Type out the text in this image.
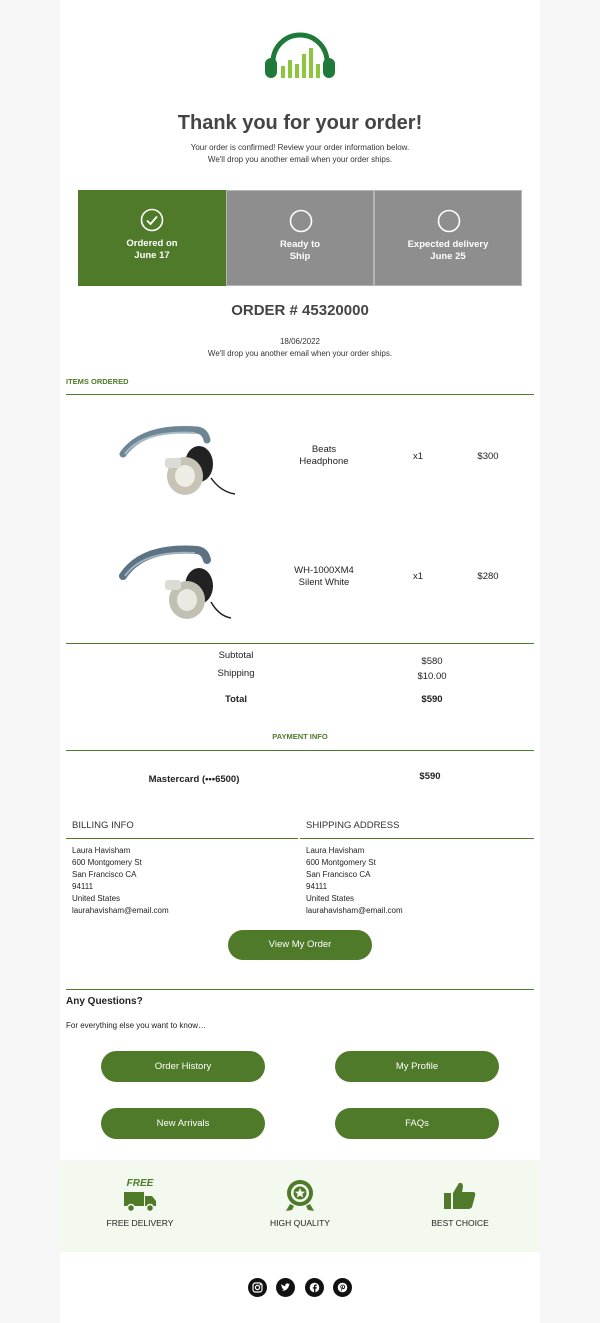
Thank you for your order!
Your order is confirmed! Review your order information below.
We'll drop you another email when your order ships.
Ordered on
June 17
Ready to
Ship
Expected delivery
June 25
ORDER # 45320000
18/06/2022
We'll drop you another email when your order ships.
ITEMS ORDERED
Beats
Headphone	x1	$300
WH-1000XM4
Silent White
x1	$280
Subtotal
$580
Shipping	$10.00
Total	$590
PAYMENT INFO
Mastercard (•••6500)	$590
BILLING INFO
Laura Havisham
600 Montgomery St
San Francisco CA
94111
United States
laurahavisham@email.com
SHIPPING ADDRESS
Laura Havisham
600 Montgomery St
San Francisco CA
94111
United States
laurahavisham@email.com
View My Order
Any Questions?
For everything else you want to know…
Order History	My Profile
New Arrivals	FAQs
FREE
FREE DELIVERY	HIGH QUALITY	BEST CHOICE
